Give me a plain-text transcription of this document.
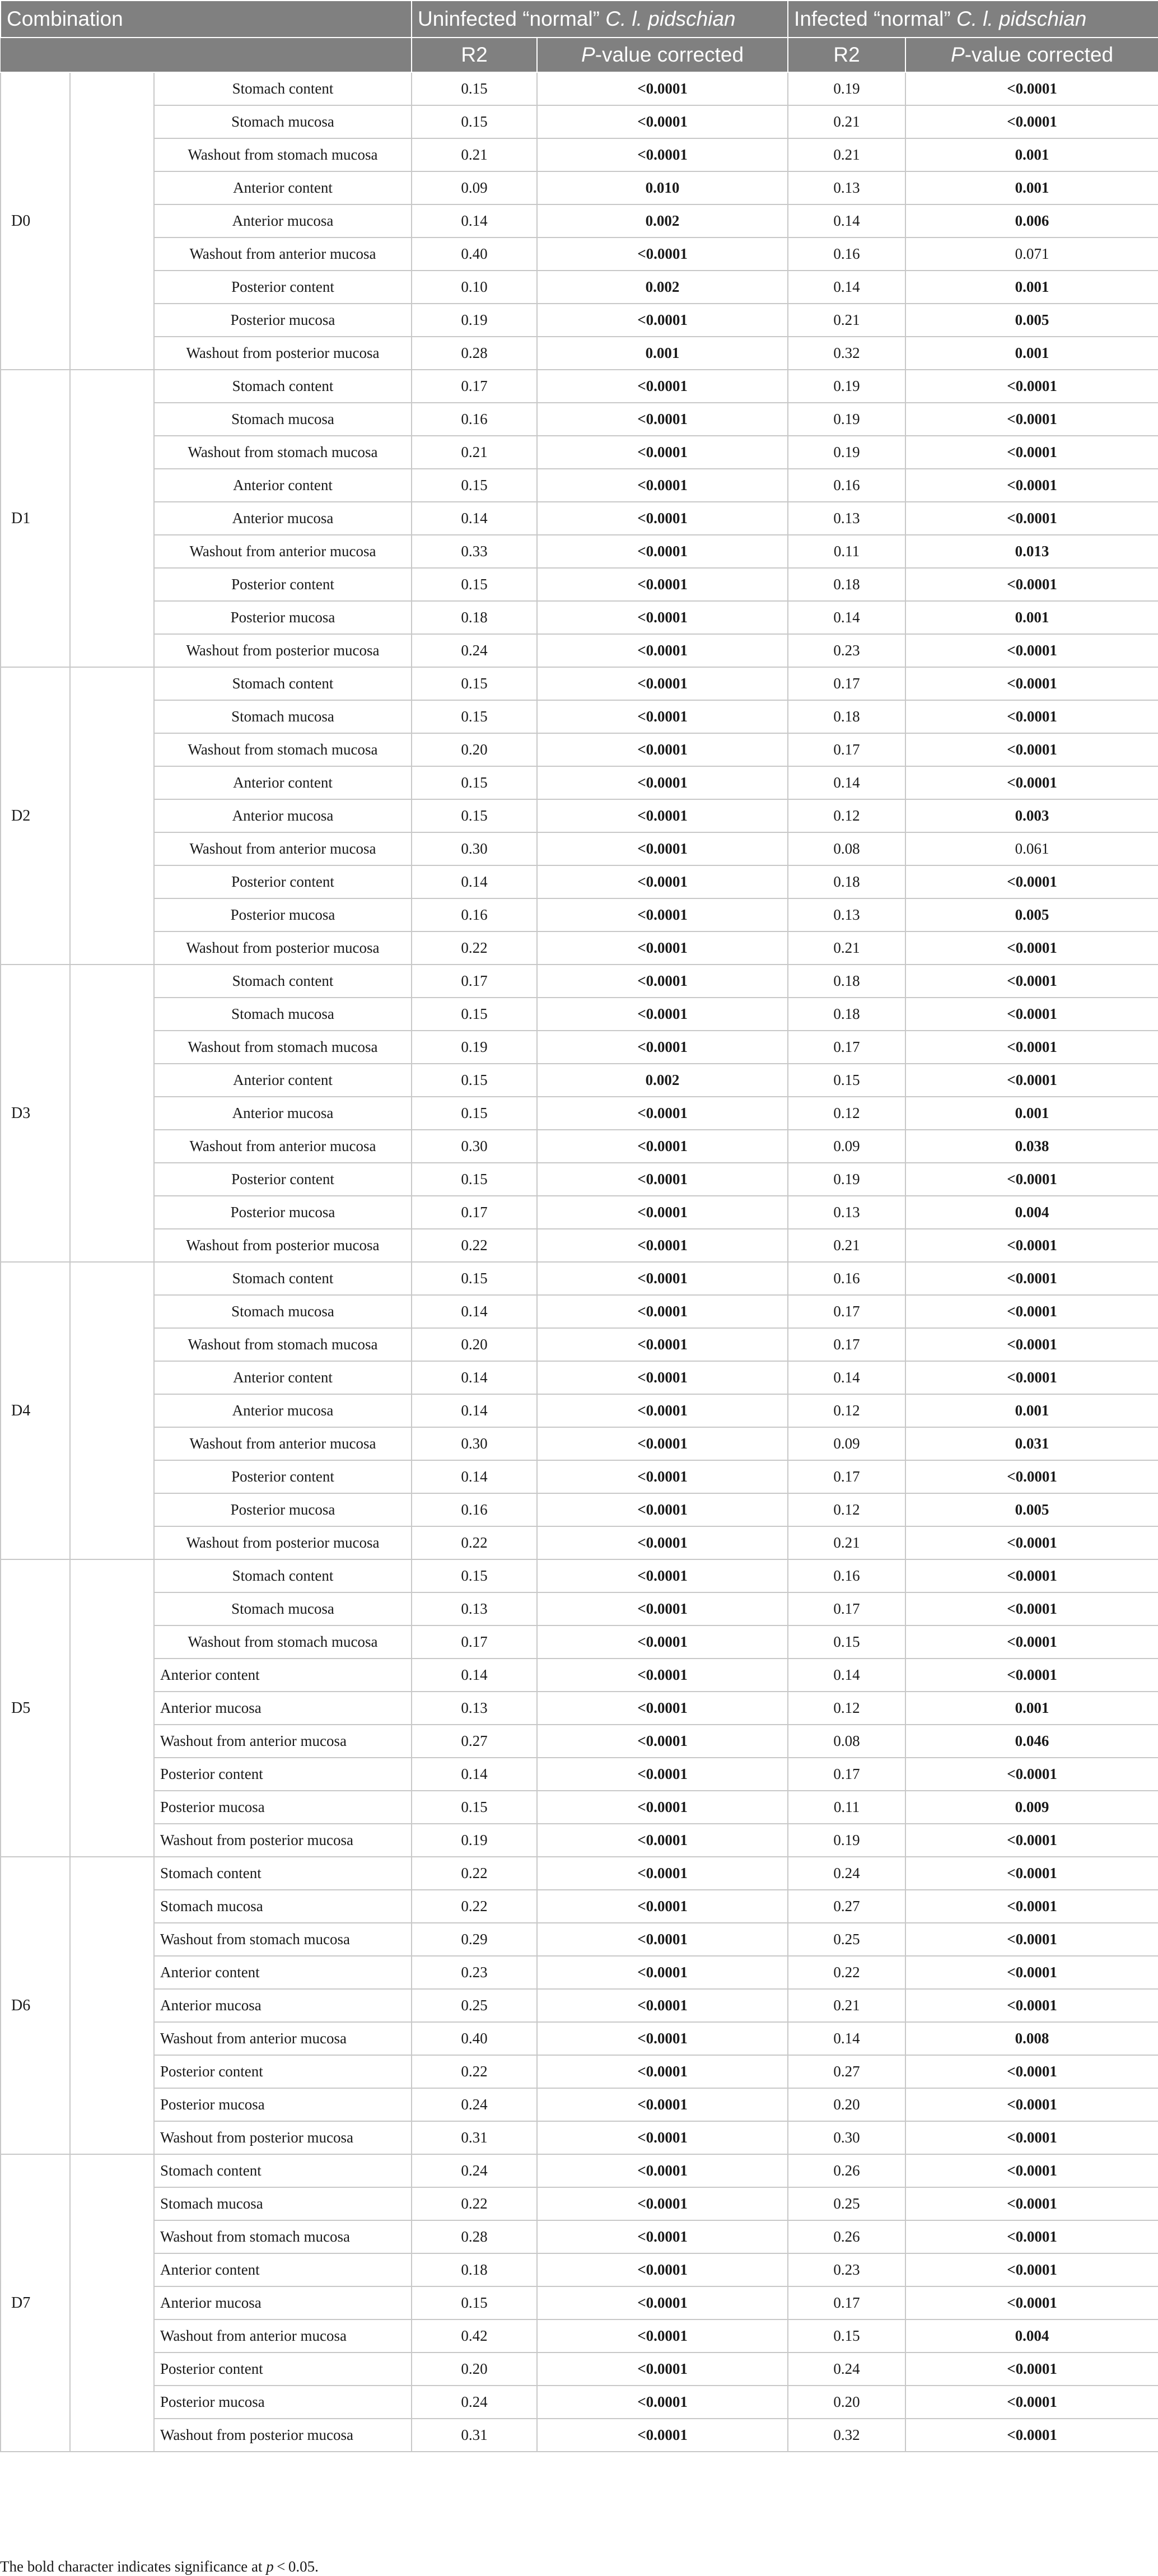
Combination			Uninfected “normal” C. l. pidschian		Infected “normal” C. l. pidschian	
			R2	P-value corrected	R2	P-value corrected
D0		Stomach content	0.15	<0.0001	0.19	<0.0001
		Stomach mucosa	0.15	<0.0001	0.21	<0.0001
		Washout from stomach mucosa	0.21	<0.0001	0.21	0.001
		Anterior content	0.09	0.010	0.13	0.001
		Anterior mucosa	0.14	0.002	0.14	0.006
		Washout from anterior mucosa	0.40	<0.0001	0.16	0.071
		Posterior content	0.10	0.002	0.14	0.001
		Posterior mucosa	0.19	<0.0001	0.21	0.005
		Washout from posterior mucosa	0.28	0.001	0.32	0.001
D1		Stomach content	0.17	<0.0001	0.19	<0.0001
		Stomach mucosa	0.16	<0.0001	0.19	<0.0001
		Washout from stomach mucosa	0.21	<0.0001	0.19	<0.0001
		Anterior content	0.15	<0.0001	0.16	<0.0001
		Anterior mucosa	0.14	<0.0001	0.13	<0.0001
		Washout from anterior mucosa	0.33	<0.0001	0.11	0.013
		Posterior content	0.15	<0.0001	0.18	<0.0001
		Posterior mucosa	0.18	<0.0001	0.14	0.001
		Washout from posterior mucosa	0.24	<0.0001	0.23	<0.0001
D2		Stomach content	0.15	<0.0001	0.17	<0.0001
		Stomach mucosa	0.15	<0.0001	0.18	<0.0001
		Washout from stomach mucosa	0.20	<0.0001	0.17	<0.0001
		Anterior content	0.15	<0.0001	0.14	<0.0001
		Anterior mucosa	0.15	<0.0001	0.12	0.003
		Washout from anterior mucosa	0.30	<0.0001	0.08	0.061
		Posterior content	0.14	<0.0001	0.18	<0.0001
		Posterior mucosa	0.16	<0.0001	0.13	0.005
		Washout from posterior mucosa	0.22	<0.0001	0.21	<0.0001
D3		Stomach content	0.17	<0.0001	0.18	<0.0001
		Stomach mucosa	0.15	<0.0001	0.18	<0.0001
		Washout from stomach mucosa	0.19	<0.0001	0.17	<0.0001
		Anterior content	0.15	0.002	0.15	<0.0001
		Anterior mucosa	0.15	<0.0001	0.12	0.001
		Washout from anterior mucosa	0.30	<0.0001	0.09	0.038
		Posterior content	0.15	<0.0001	0.19	<0.0001
		Posterior mucosa	0.17	<0.0001	0.13	0.004
		Washout from posterior mucosa	0.22	<0.0001	0.21	<0.0001
D4		Stomach content	0.15	<0.0001	0.16	<0.0001
		Stomach mucosa	0.14	<0.0001	0.17	<0.0001
		Washout from stomach mucosa	0.20	<0.0001	0.17	<0.0001
		Anterior content	0.14	<0.0001	0.14	<0.0001
		Anterior mucosa	0.14	<0.0001	0.12	0.001
		Washout from anterior mucosa	0.30	<0.0001	0.09	0.031
		Posterior content	0.14	<0.0001	0.17	<0.0001
		Posterior mucosa	0.16	<0.0001	0.12	0.005
		Washout from posterior mucosa	0.22	<0.0001	0.21	<0.0001
D5		Stomach content	0.15	<0.0001	0.16	<0.0001
		Stomach mucosa	0.13	<0.0001	0.17	<0.0001
		Washout from stomach mucosa	0.17	<0.0001	0.15	<0.0001
		Anterior content	0.14	<0.0001	0.14	<0.0001
		Anterior mucosa	0.13	<0.0001	0.12	0.001
		Washout from anterior mucosa	0.27	<0.0001	0.08	0.046
		Posterior content	0.14	<0.0001	0.17	<0.0001
		Posterior mucosa	0.15	<0.0001	0.11	0.009
		Washout from posterior mucosa	0.19	<0.0001	0.19	<0.0001
D6		Stomach content	0.22	<0.0001	0.24	<0.0001
		Stomach mucosa	0.22	<0.0001	0.27	<0.0001
		Washout from stomach mucosa	0.29	<0.0001	0.25	<0.0001
		Anterior content	0.23	<0.0001	0.22	<0.0001
		Anterior mucosa	0.25	<0.0001	0.21	<0.0001
		Washout from anterior mucosa	0.40	<0.0001	0.14	0.008
		Posterior content	0.22	<0.0001	0.27	<0.0001
		Posterior mucosa	0.24	<0.0001	0.20	<0.0001
		Washout from posterior mucosa	0.31	<0.0001	0.30	<0.0001
D7		Stomach content	0.24	<0.0001	0.26	<0.0001
		Stomach mucosa	0.22	<0.0001	0.25	<0.0001
		Washout from stomach mucosa	0.28	<0.0001	0.26	<0.0001
		Anterior content	0.18	<0.0001	0.23	<0.0001
		Anterior mucosa	0.15	<0.0001	0.17	<0.0001
		Washout from anterior mucosa	0.42	<0.0001	0.15	0.004
		Posterior content	0.20	<0.0001	0.24	<0.0001
		Posterior mucosa	0.24	<0.0001	0.20	<0.0001
		Washout from posterior mucosa	0.31	<0.0001	0.32	<0.0001
The bold character indicates significance at p < 0.05.
